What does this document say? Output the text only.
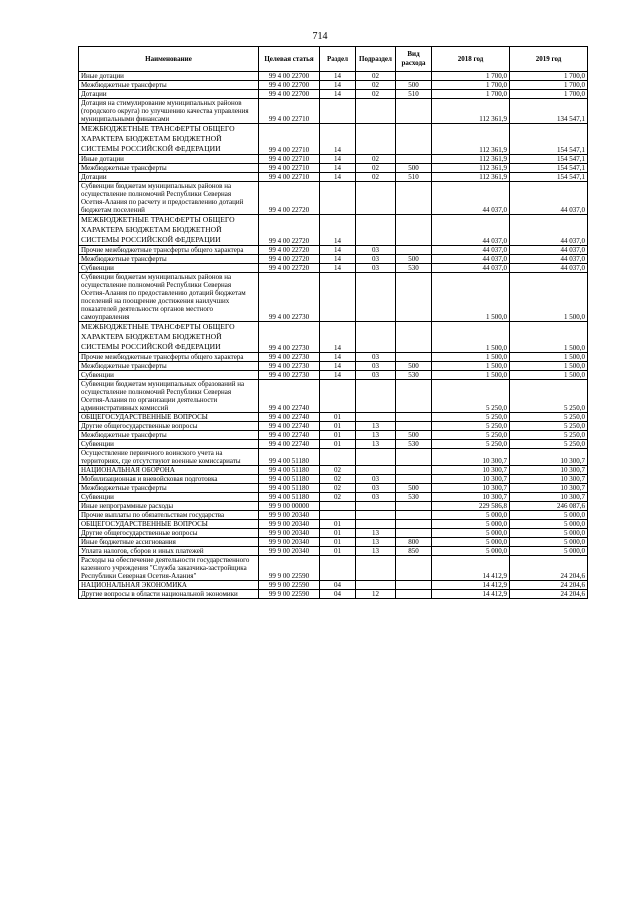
714
Наименование	Целевая статья	Раздел	Подраздел	Вид расхода	2018 год	2019 год
Иные дотации	99 4 00 22700	14	02		1 700,0	1 700,0
Межбюджетные трансферты	99 4 00 22700	14	02	500	1 700,0	1 700,0
Дотации	99 4 00 22700	14	02	510	1 700,0	1 700,0
Дотация на стимулирование муниципальных районов (городского округа) по улучшению качества управления муниципальными финансами	99 4 00 22710				112 361,9	134 547,1
МЕЖБЮДЖЕТНЫЕ ТРАНСФЕРТЫ ОБЩЕГО ХАРАКТЕРА БЮДЖЕТАМ БЮДЖЕТНОЙ СИСТЕМЫ РОССИЙСКОЙ ФЕДЕРАЦИИ	99 4 00 22710	14			112 361,9	154 547,1
Иные дотации	99 4 00 22710	14	02		112 361,9	154 547,1
Межбюджетные трансферты	99 4 00 22710	14	02	500	112 361,9	154 547,1
Дотации	99 4 00 22710	14	02	510	112 361,9	154 547,1
Субвенции бюджетам муниципальных районов на осуществление полномочий Республики Северная Осетия-Алания по расчету и предоставлению дотаций бюджетам поселений	99 4 00 22720				44 037,0	44 037,0
МЕЖБЮДЖЕТНЫЕ ТРАНСФЕРТЫ ОБЩЕГО ХАРАКТЕРА БЮДЖЕТАМ БЮДЖЕТНОЙ СИСТЕМЫ РОССИЙСКОЙ ФЕДЕРАЦИИ	99 4 00 22720	14			44 037,0	44 037,0
Прочие межбюджетные трансферты общего характера	99 4 00 22720	14	03		44 037,0	44 037,0
Межбюджетные трансферты	99 4 00 22720	14	03	500	44 037,0	44 037,0
Субвенции	99 4 00 22720	14	03	530	44 037,0	44 037,0
Субвенции бюджетам муниципальных районов на осуществление полномочий Республики Северная Осетия-Алания по предоставлению дотаций бюджетам поселений на поощрение достижения наилучших показателей деятельности органов местного самоуправления	99 4 00 22730				1 500,0	1 500,0
МЕЖБЮДЖЕТНЫЕ ТРАНСФЕРТЫ ОБЩЕГО ХАРАКТЕРА БЮДЖЕТАМ БЮДЖЕТНОЙ СИСТЕМЫ РОССИЙСКОЙ ФЕДЕРАЦИИ	99 4 00 22730	14			1 500,0	1 500,0
Прочие межбюджетные трансферты общего характера	99 4 00 22730	14	03		1 500,0	1 500,0
Межбюджетные трансферты	99 4 00 22730	14	03	500	1 500,0	1 500,0
Субвенции	99 4 00 22730	14	03	530	1 500,0	1 500,0
Субвенции бюджетам муниципальных образований на осуществление полномочий Республики Северная Осетия-Алания по организации деятельности административных комиссий	99 4 00 22740				5 250,0	5 250,0
ОБЩЕГОСУДАРСТВЕННЫЕ ВОПРОСЫ	99 4 00 22740	01			5 250,0	5 250,0
Другие общегосударственные вопросы	99 4 00 22740	01	13		5 250,0	5 250,0
Межбюджетные трансферты	99 4 00 22740	01	13	500	5 250,0	5 250,0
Субвенции	99 4 00 22740	01	13	530	5 250,0	5 250,0
Осуществление первичного воинского учета на территориях, где отсутствуют военные комиссариаты	99 4 00 51180				10 300,7	10 300,7
НАЦИОНАЛЬНАЯ ОБОРОНА	99 4 00 51180	02			10 300,7	10 300,7
Мобилизационная и вневойсковая подготовка	99 4 00 51180	02	03		10 300,7	10 300,7
Межбюджетные трансферты	99 4 00 51180	02	03	500	10 300,7	10 300,7
Субвенции	99 4 00 51180	02	03	530	10 300,7	10 300,7
Иные непрограммные расходы	99 9 00 00000				229 586,8	246 087,6
Прочие выплаты по обязательствам государства	99 9 00 20340				5 000,0	5 000,0
ОБЩЕГОСУДАРСТВЕННЫЕ ВОПРОСЫ	99 9 00 20340	01			5 000,0	5 000,0
Другие общегосударственные вопросы	99 9 00 20340	01	13		5 000,0	5 000,0
Иные бюджетные ассигнования	99 9 00 20340	01	13	800	5 000,0	5 000,0
Уплата налогов, сборов и иных платежей	99 9 00 20340	01	13	850	5 000,0	5 000,0
Расходы на обеспечение деятельности государственного казенного учреждения "Служба заказчика-застройщика Республики Северная Осетия-Алания"	99 9 00 22590				14 412,9	24 204,6
НАЦИОНАЛЬНАЯ ЭКОНОМИКА	99 9 00 22590	04			14 412,9	24 204,6
Другие вопросы в области национальной экономики	99 9 00 22590	04	12		14 412,9	24 204,6
